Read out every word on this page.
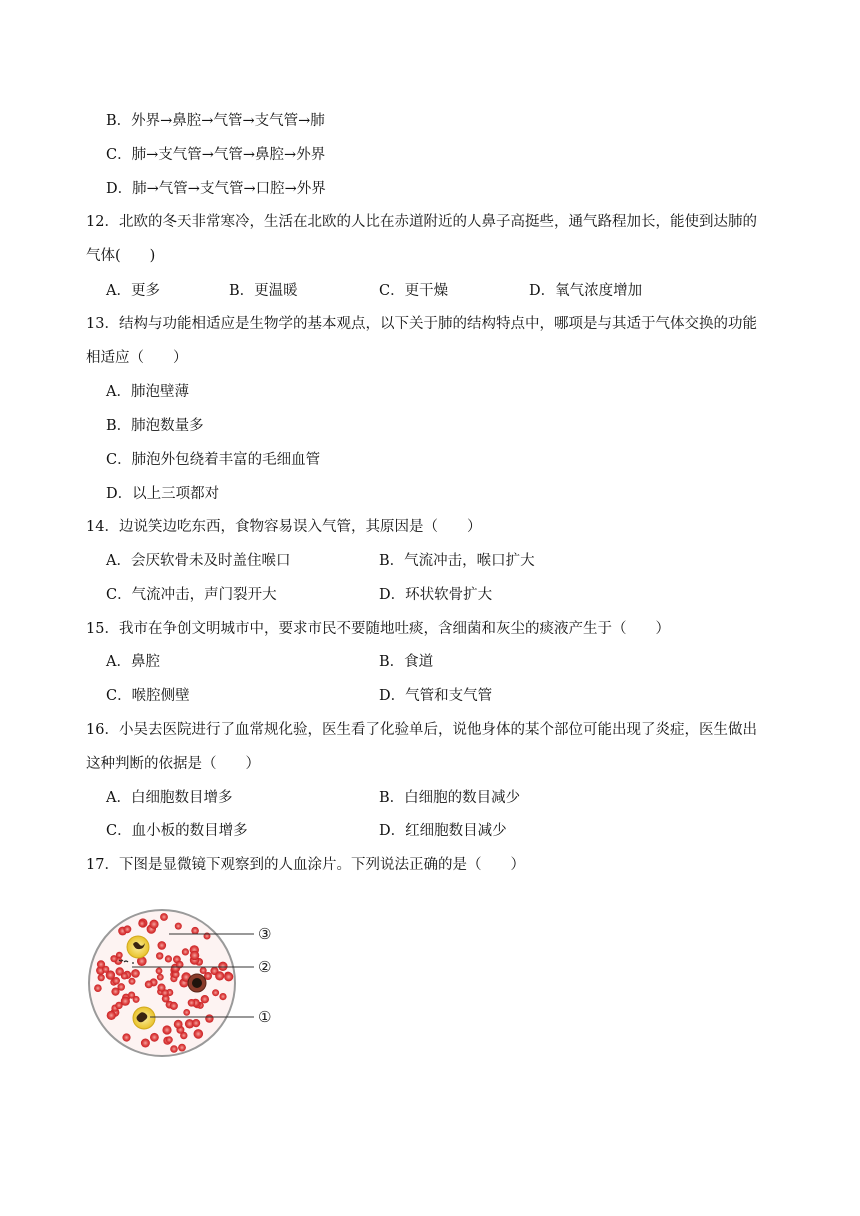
B．外界→鼻腔→气管→支气管→肺
C．肺→支气管→气管→鼻腔→外界
D．肺→气管→支气管→口腔→外界
12．北欧的冬天非常寒冷，生活在北欧的人比在赤道附近的人鼻子高挺些，通气路程加长，能使到达肺的
气体(　　)
A．更多	B．更温暖	C．更干燥	D．氧气浓度增加
13．结构与功能相适应是生物学的基本观点，以下关于肺的结构特点中，哪项是与其适于气体交换的功能
相适应（　　）
A．肺泡壁薄
B．肺泡数量多
C．肺泡外包绕着丰富的毛细血管
D．以上三项都对
14．边说笑边吃东西，食物容易误入气管，其原因是（　　）
A．会厌软骨未及时盖住喉口	B．气流冲击，喉口扩大
C．气流冲击，声门裂开大	D．环状软骨扩大
15．我市在争创文明城市中，要求市民不要随地吐痰，含细菌和灰尘的痰液产生于（　　）
A．鼻腔	B．食道
C．喉腔侧壁	D．气管和支气管
16．小吴去医院进行了血常规化验，医生看了化验单后，说他身体的某个部位可能出现了炎症，医生做出
这种判断的依据是（　　）
A．白细胞数目增多	B．白细胞的数目减少
C．血小板的数目增多	D．红细胞数目减少
17．下图是显微镜下观察到的人血涂片。下列说法正确的是（　　）
③
②
①
